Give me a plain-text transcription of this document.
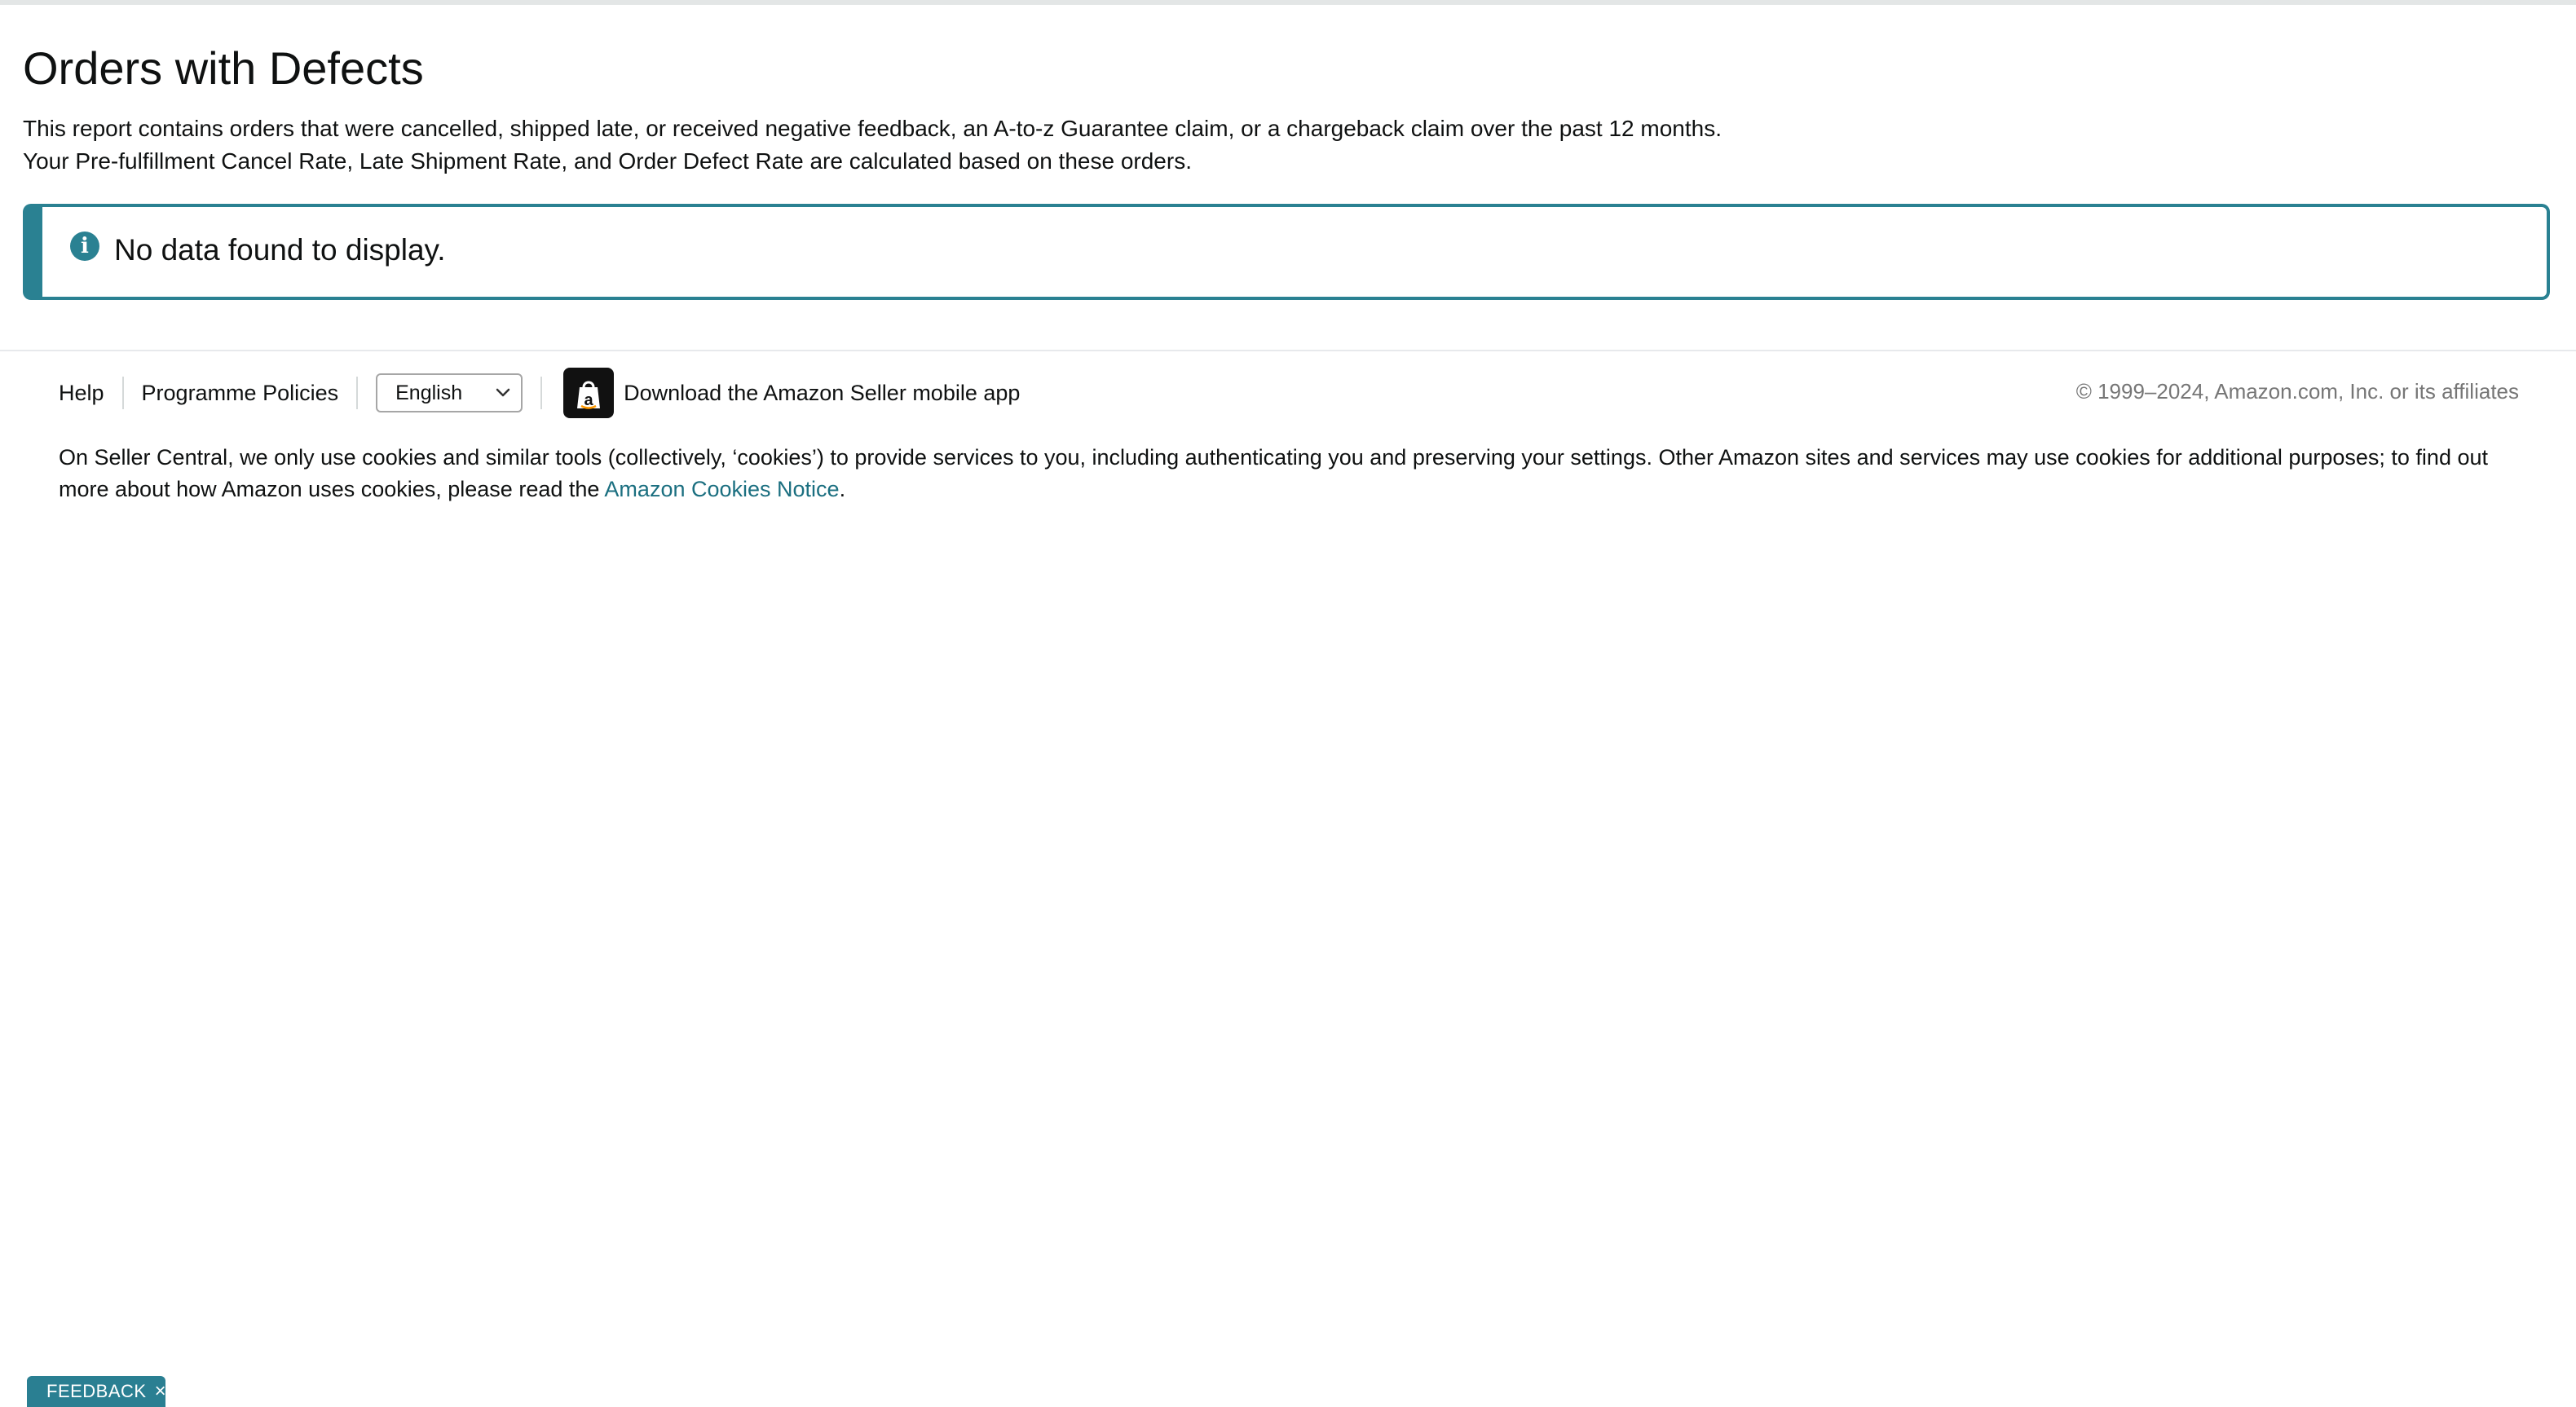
Orders with Defects
This report contains orders that were cancelled, shipped late, or received negative feedback, an A-to-z Guarantee claim, or a chargeback claim over the past 12 months.
Your Pre-fulfillment Cancel Rate, Late Shipment Rate, and Order Defect Rate are calculated based on these orders.
i No data found to display.
Help	Programme Policies	English	a Download the Amazon Seller mobile app	© 1999–2024, Amazon.com, Inc. or its affiliates
On Seller Central, we only use cookies and similar tools (collectively, ‘cookies’) to provide services to you, including authenticating you and preserving your settings. Other Amazon sites and services may use cookies for additional purposes; to find out more about how Amazon uses cookies, please read the Amazon Cookies Notice.
FEEDBACK ×
